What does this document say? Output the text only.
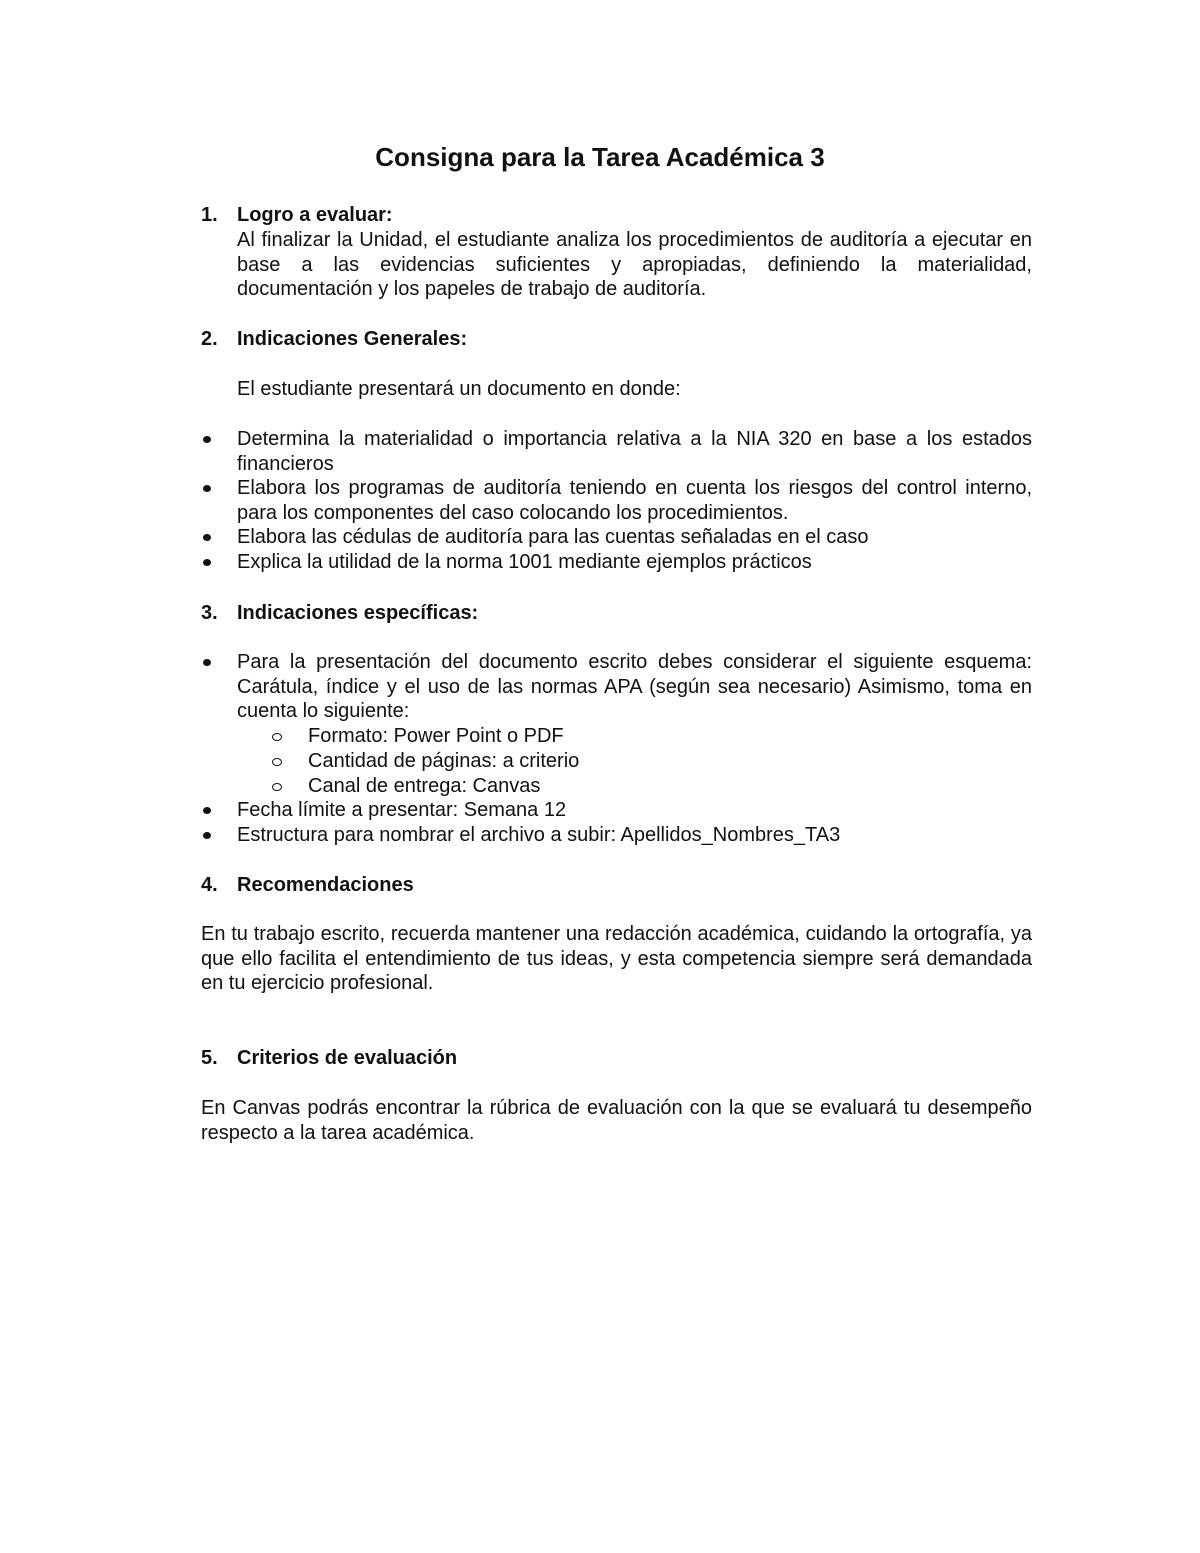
Consigna para la Tarea Académica 3
1. Logro a evaluar:
Al finalizar la Unidad, el estudiante analiza los procedimientos de auditoría a ejecutar en base a las evidencias suficientes y apropiadas, definiendo la materialidad, documentación y los papeles de trabajo de auditoría.
2. Indicaciones Generales:
El estudiante presentará un documento en donde:
Determina la materialidad o importancia relativa a la NIA 320 en base a los estados financieros
Elabora los programas de auditoría teniendo en cuenta los riesgos del control interno, para los componentes del caso colocando los procedimientos.
Elabora las cédulas de auditoría para las cuentas señaladas en el caso
Explica la utilidad de la norma 1001 mediante ejemplos prácticos
3. Indicaciones específicas:
Para la presentación del documento escrito debes considerar el siguiente esquema: Carátula, índice y el uso de las normas APA (según sea necesario) Asimismo, toma en cuenta lo siguiente:
Formato: Power Point o PDF
Cantidad de páginas: a criterio
Canal de entrega: Canvas
Fecha límite a presentar: Semana 12
Estructura para nombrar el archivo a subir: Apellidos_Nombres_TA3
4. Recomendaciones
En tu trabajo escrito, recuerda mantener una redacción académica, cuidando la ortografía, ya que ello facilita el entendimiento de tus ideas, y esta competencia siempre será demandada en tu ejercicio profesional.
5. Criterios de evaluación
En Canvas podrás encontrar la rúbrica de evaluación con la que se evaluará tu desempeño respecto a la tarea académica.
